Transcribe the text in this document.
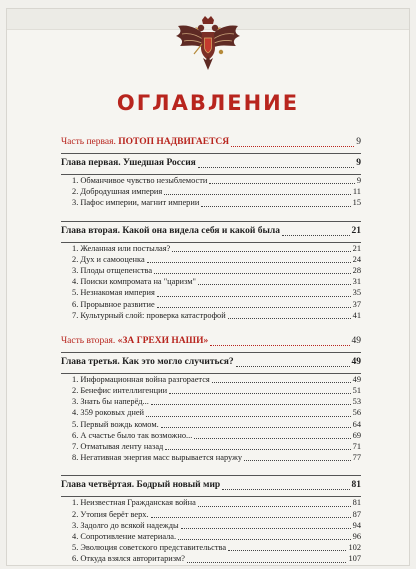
ОГЛАВЛЕНИЕ
Часть первая. ПОТОП НАДВИГАЕТСЯ	9
Глава первая. Ушедшая Россия	9
1. Обманчивое чувство незыблемости	9
2. Добродушная империя	11
3. Пафос империи, магнит империи	15
Глава вторая. Какой она видела себя и какой была	21
1. Желанная или постылая?	21
2. Дух и самооценка	24
3. Плоды отщепенства	28
4. Поиски компромата на "царизм"	31
5. Незнакомая империя	35
6. Прорывное развитие	37
7. Культурный слой: проверка катастрофой	41
Часть вторая. «ЗА ГРЕХИ НАШИ»	49
Глава третья. Как это могло случиться?	49
1. Информационная война разгорается	49
2. Бенефис интеллигенции	51
3. Знать бы наперёд...	53
4. 359 роковых дней	56
5. Первый вождь комом.	64
6. А счастье было так возможно...	69
7. Отматывая ленту назад	71
8. Негативная энергия масс вырывается наружу	77
Глава четвёртая. Бодрый новый мир	81
1. Неизвестная Гражданская война	81
2. Утопия берёт верх.	87
3. Задолго до всякой надежды	94
4. Сопротивление материала.	96
5. Эволюция советского представительства	102
6. Откуда взялся авторитаризм?	107
